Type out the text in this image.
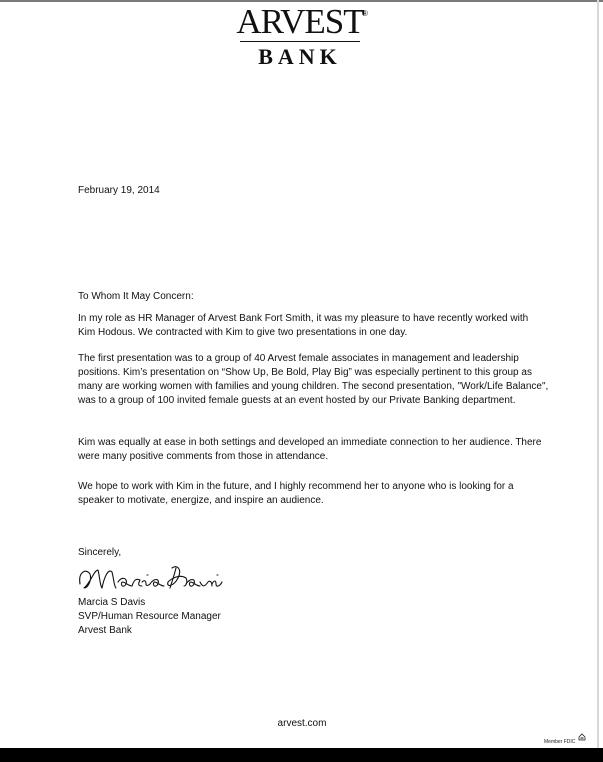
ARVEST
®
BANK
February 19, 2014
To Whom It May Concern:
In my role as HR Manager of Arvest Bank Fort Smith, it was my pleasure to have recently worked with Kim Hodous. We contracted with Kim to give two presentations in one day.
The first presentation was to a group of 40 Arvest female associates in management and leadership positions. Kim’s presentation on “Show Up, Be Bold, Play Big” was especially pertinent to this group as many are working women with families and young children. The second presentation, "Work/Life Balance", was to a group of 100 invited female guests at an event hosted by our Private Banking department.
Kim was equally at ease in both settings and developed an immediate connection to her audience. There were many positive comments from those in attendance.
We hope to work with Kim in the future, and I highly recommend her to anyone who is looking for a speaker to motivate, energize, and inspire an audience.
Sincerely,
Marcia S Davis
SVP/Human Resource Manager
Arvest Bank
arvest.com
Member FDIC
